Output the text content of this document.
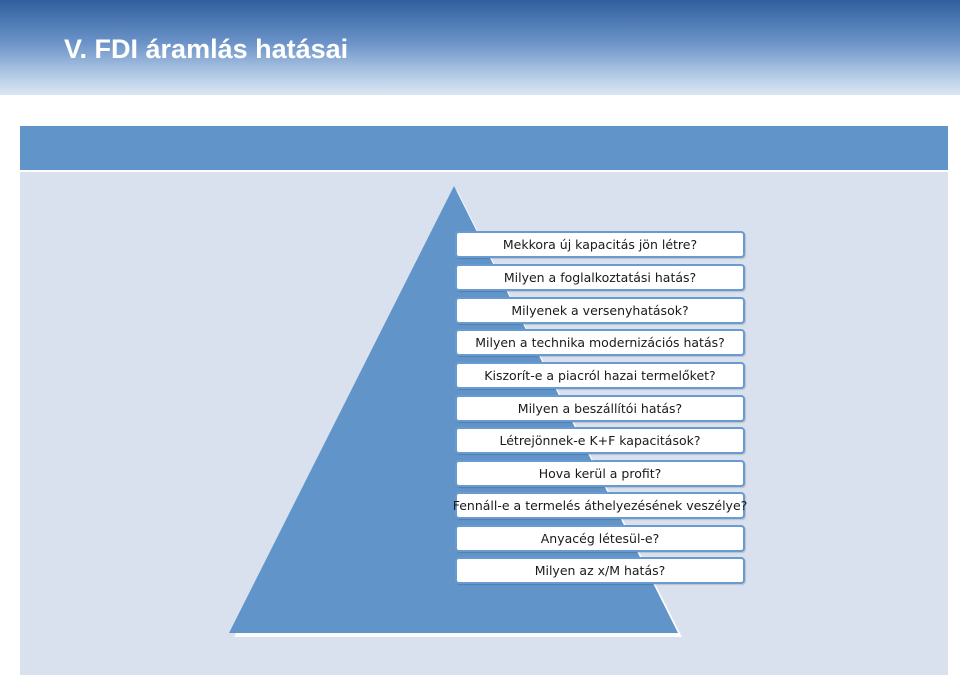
V. FDI áramlás hatásai
Mekkora új kapacitás jön létre?
Milyen a foglalkoztatási hatás?
Milyenek a versenyhatások?
Milyen a technika modernizációs hatás?
Kiszorít-e a piacról hazai termelőket?
Milyen a beszállítói hatás?
Létrejönnek-e K+F kapacitások?
Hova kerül a profit?
Fennáll-e a termelés áthelyezésének veszélye?
Anyacég létesül-e?
Milyen az x/M hatás?
